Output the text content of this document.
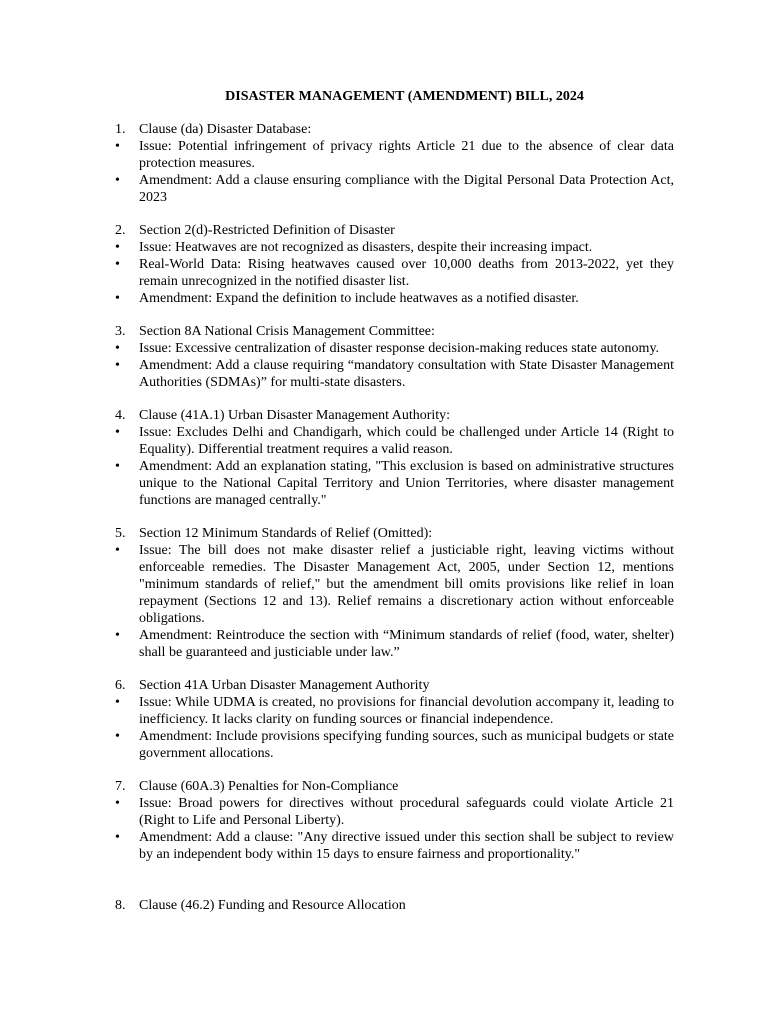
DISASTER MANAGEMENT (AMENDMENT) BILL, 2024
1. Clause (da) Disaster Database:
•	Issue: Potential infringement of privacy rights Article 21 due to the absence of clear data protection measures.
•	Amendment: Add a clause ensuring compliance with the Digital Personal Data Protection Act, 2023
2. Section 2(d)-Restricted Definition of Disaster
•	Issue: Heatwaves are not recognized as disasters, despite their increasing impact.
•	Real-World Data: Rising heatwaves caused over 10,000 deaths from 2013-2022, yet they remain unrecognized in the notified disaster list.
•	Amendment: Expand the definition to include heatwaves as a notified disaster.
3. Section 8A National Crisis Management Committee:
•	Issue: Excessive centralization of disaster response decision-making reduces state autonomy.
•	Amendment: Add a clause requiring “mandatory consultation with State Disaster Management Authorities (SDMAs)” for multi-state disasters.
4. Clause (41A.1) Urban Disaster Management Authority:
•	Issue: Excludes Delhi and Chandigarh, which could be challenged under Article 14 (Right to Equality). Differential treatment requires a valid reason.
•	Amendment: Add an explanation stating, "This exclusion is based on administrative structures unique to the National Capital Territory and Union Territories, where disaster management functions are managed centrally."
5. Section 12 Minimum Standards of Relief (Omitted):
•	Issue: The bill does not make disaster relief a justiciable right, leaving victims without enforceable remedies. The Disaster Management Act, 2005, under Section 12, mentions "minimum standards of relief," but the amendment bill omits provisions like relief in loan repayment (Sections 12 and 13). Relief remains a discretionary action without enforceable obligations.
•	Amendment: Reintroduce the section with “Minimum standards of relief (food, water, shelter) shall be guaranteed and justiciable under law.”
6. Section 41A Urban Disaster Management Authority
•	Issue: While UDMA is created, no provisions for financial devolution accompany it, leading to inefficiency. It lacks clarity on funding sources or financial independence.
•	Amendment: Include provisions specifying funding sources, such as municipal budgets or state government allocations.
7. Clause (60A.3) Penalties for Non-Compliance
•	Issue: Broad powers for directives without procedural safeguards could violate Article 21 (Right to Life and Personal Liberty).
•	Amendment: Add a clause: "Any directive issued under this section shall be subject to review by an independent body within 15 days to ensure fairness and proportionality."
8. Clause (46.2) Funding and Resource Allocation
